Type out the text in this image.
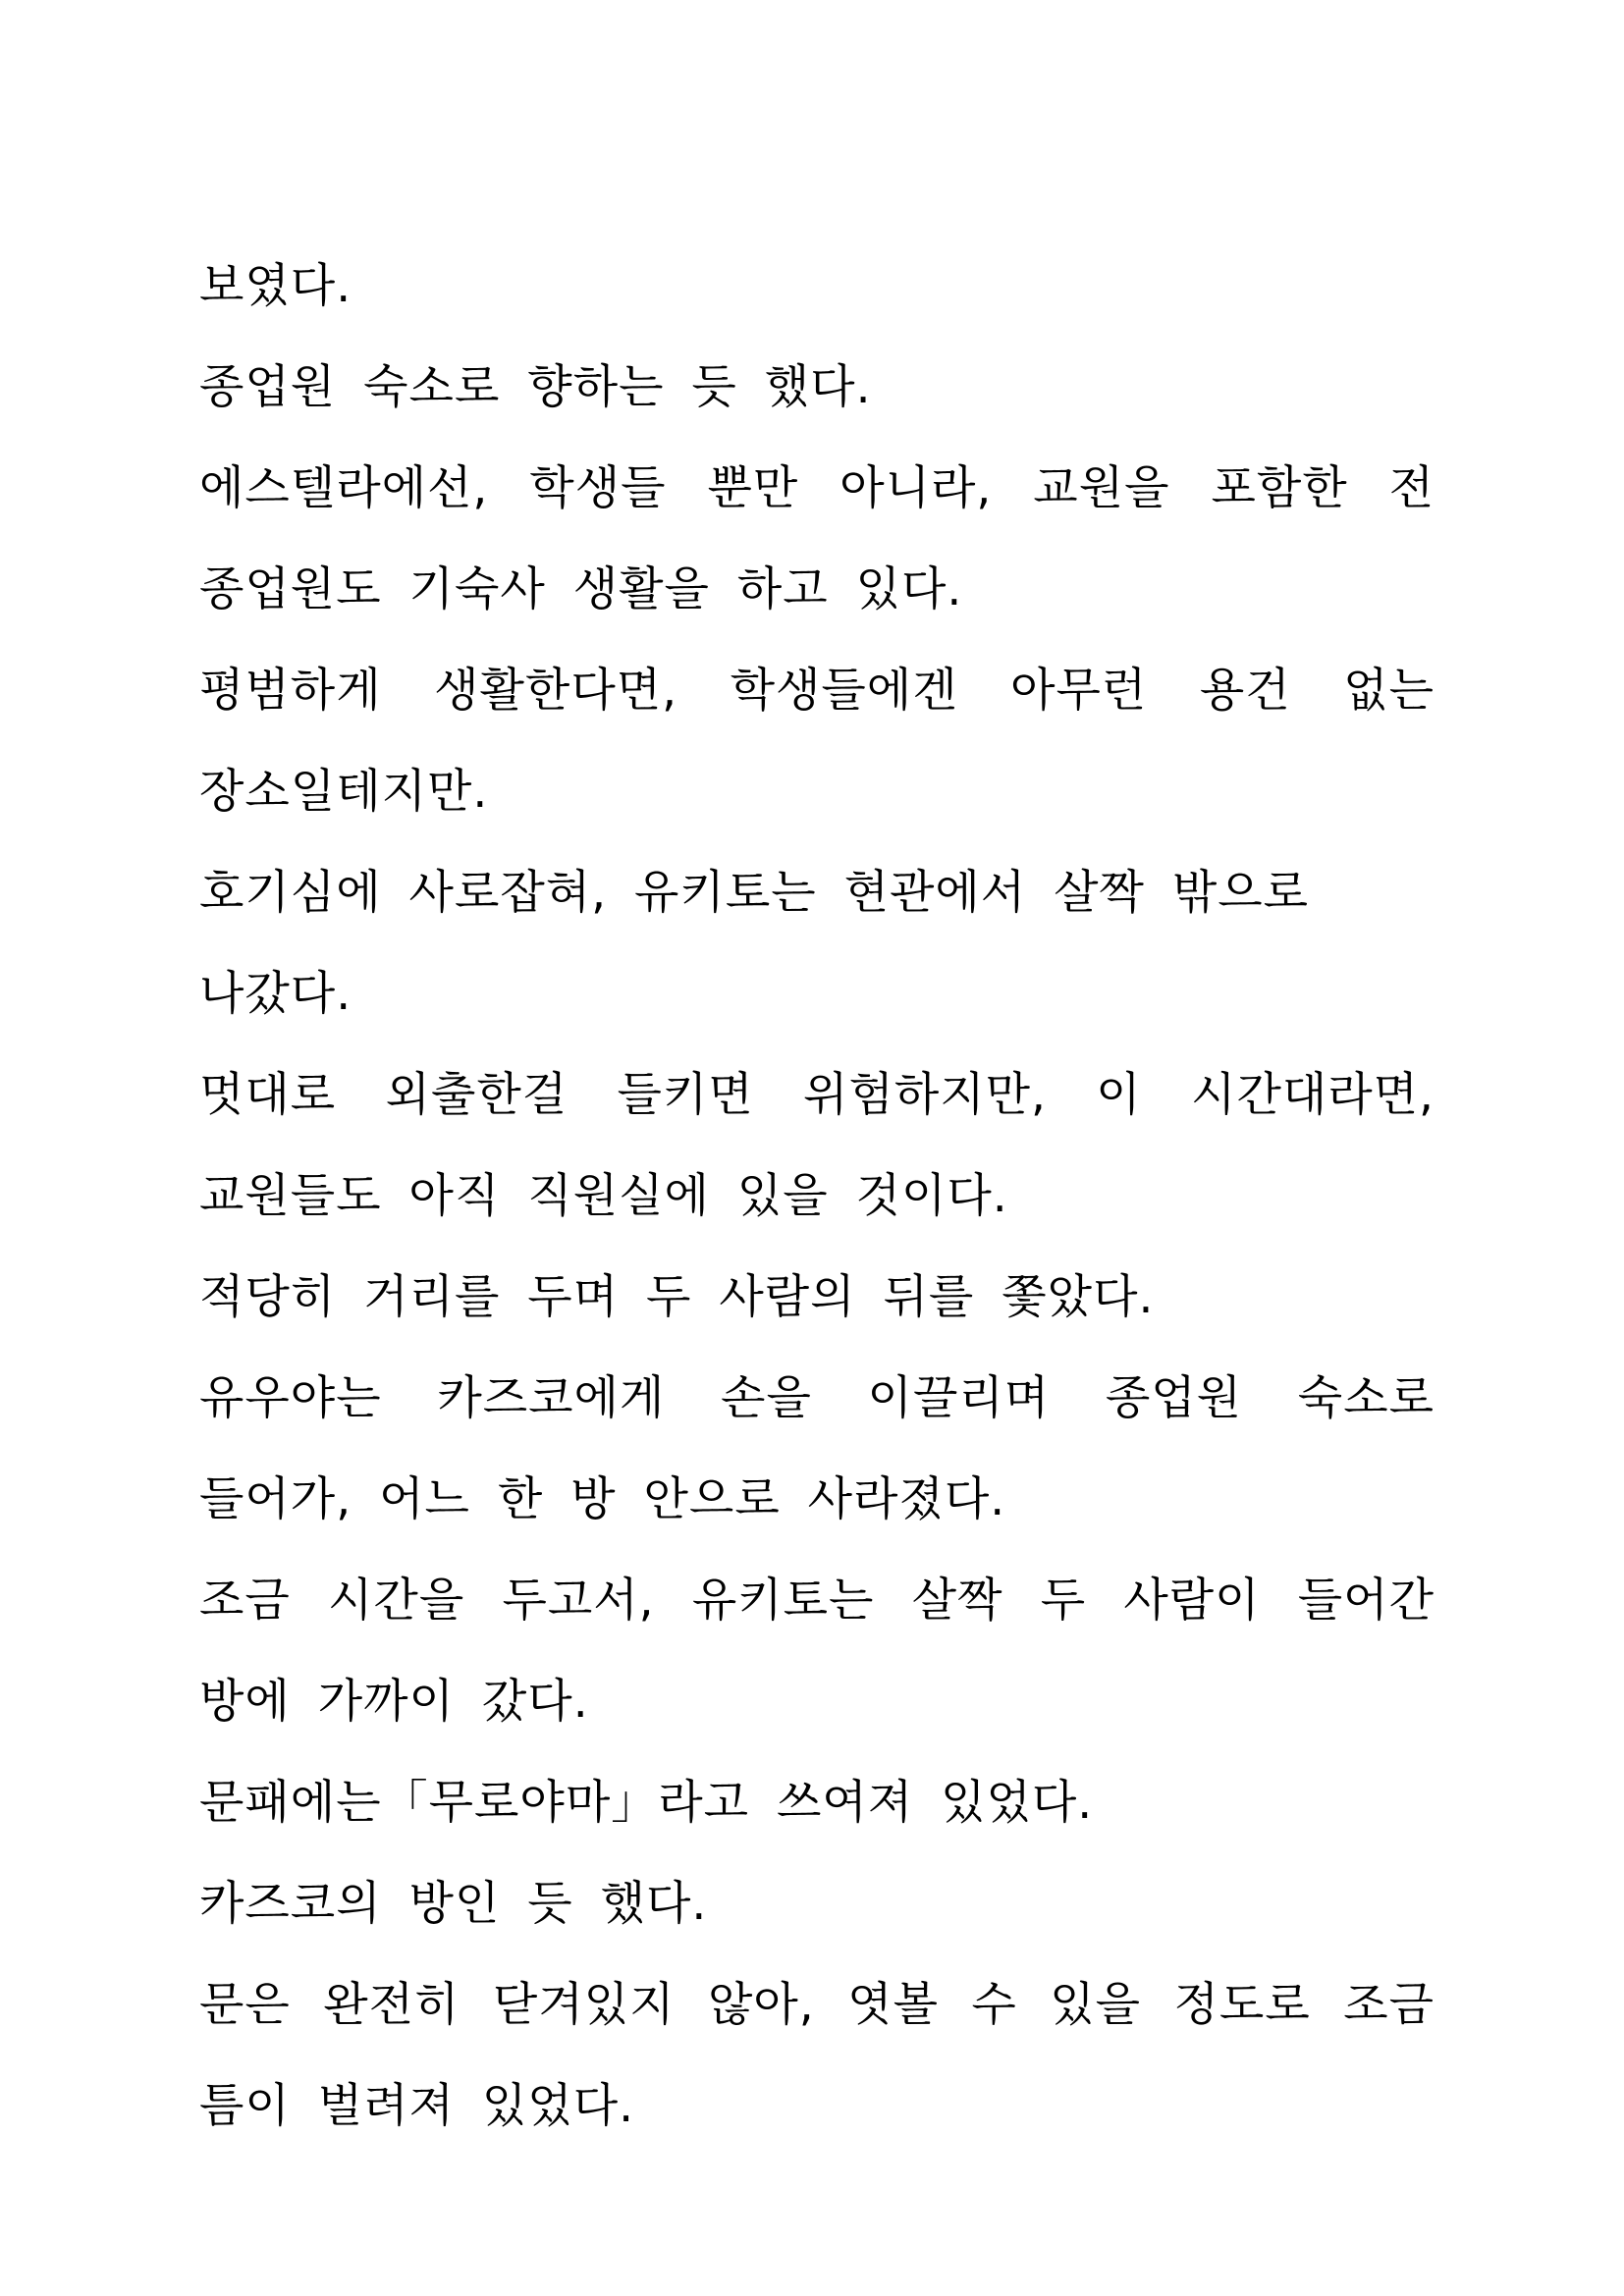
보였다.

종업원 숙소로 향하는 듯 했다.

에스텔라에선, 학생들 뿐만 아니라, 교원을 포함한 전 종업원도 기숙사 생활을 하고 있다.

평범하게 생활한다면, 학생들에겐 아무런 용건 없는 장소일테지만.

호기심에 사로잡혀, 유키토는 현관에서 살짝 밖으로 나갔다.

멋대로 외출한걸 들키면 위험하지만, 이 시간대라면, 교원들도 아직 직원실에 있을 것이다.

적당히 거리를 두며 두 사람의 뒤를 쫓았다.

유우야는 카즈코에게 손을 이끌리며 종업원 숙소로 들어가, 어느 한 방 안으로 사라졌다.

조금 시간을 두고서, 유키토는 살짝 두 사람이 들어간 방에 가까이 갔다.

문패에는「무로야마」라고 쓰여져 있었다.

카즈코의 방인 듯 했다.

문은 완전히 닫겨있지 않아, 엿볼 수 있을 정도로 조금 틈이 벌려져 있었다.
